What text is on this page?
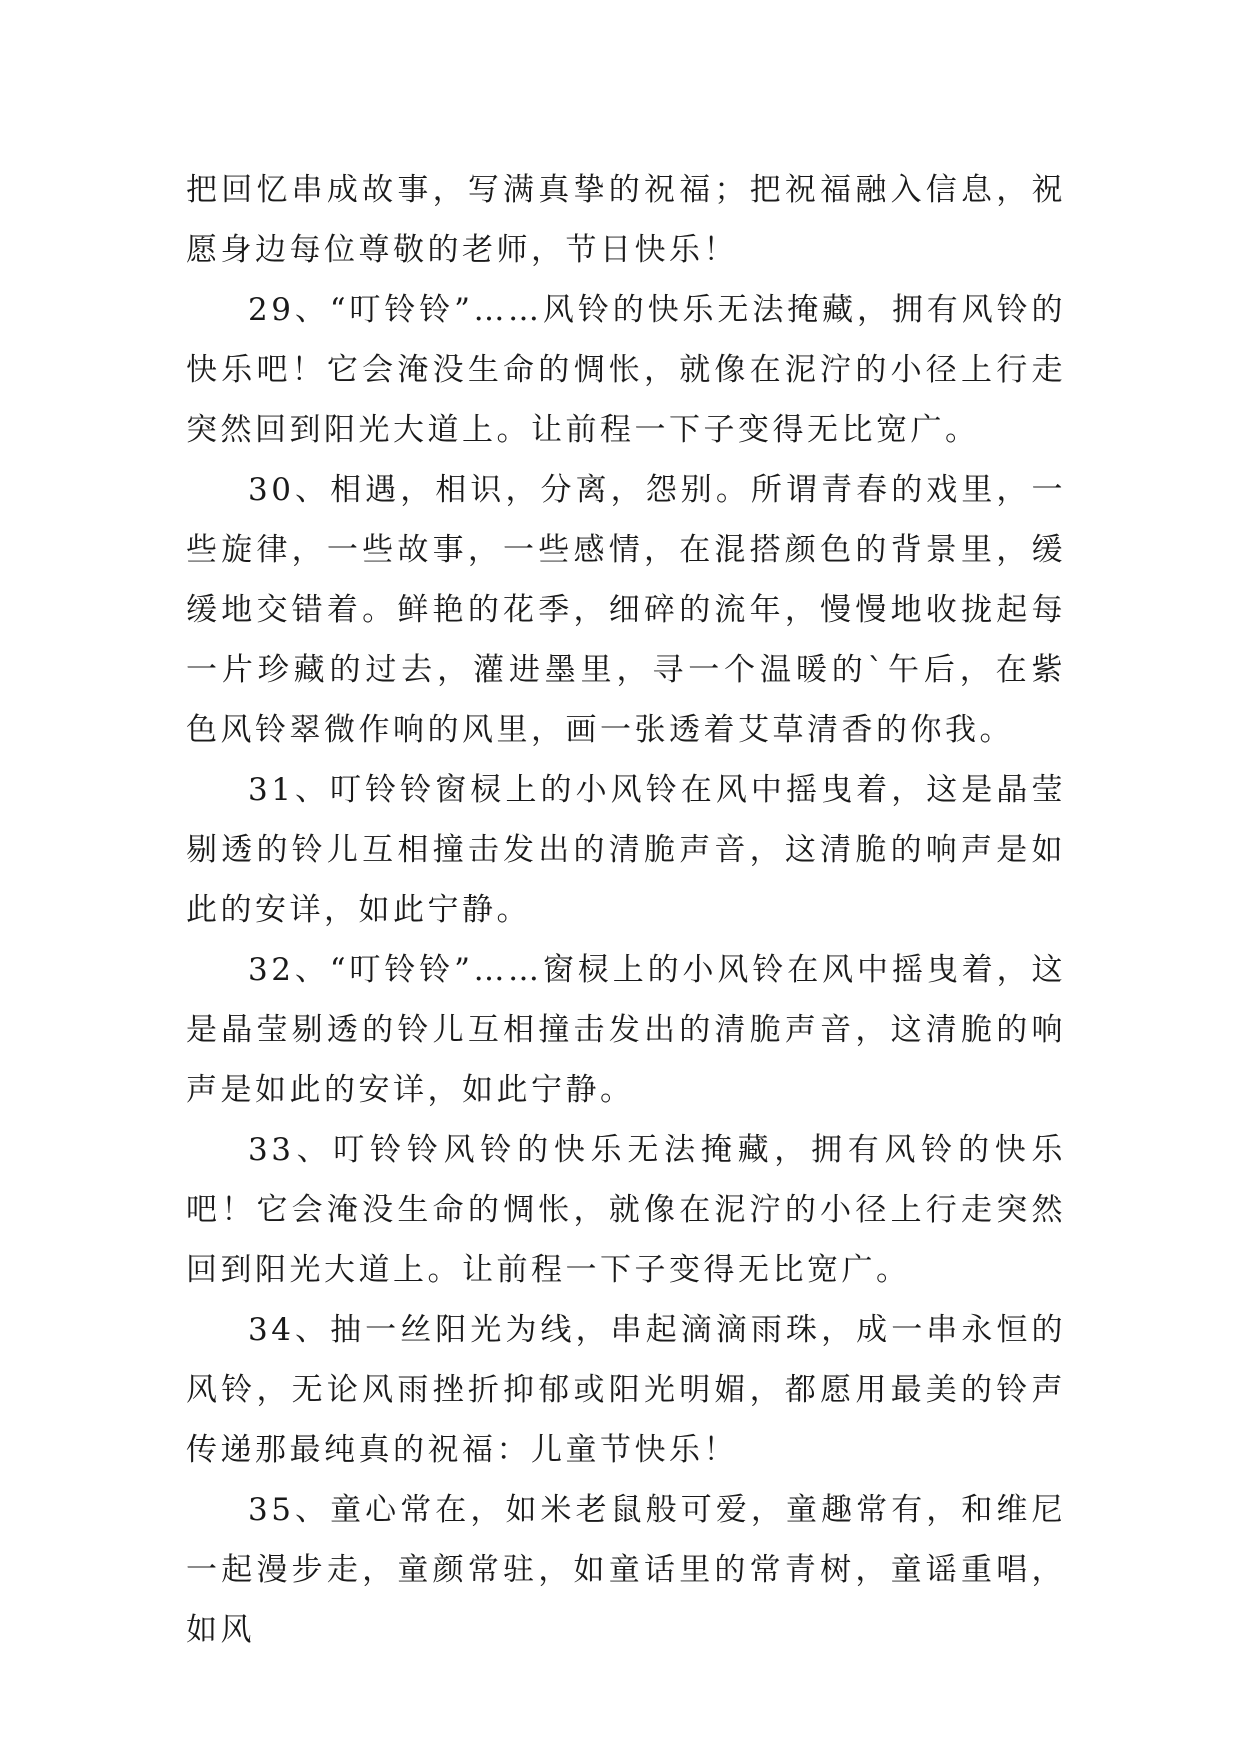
把回忆串成故事，写满真挚的祝福；把祝福融入信息，祝愿身边每位尊敬的老师，节日快乐！

29、“叮铃铃”……风铃的快乐无法掩藏，拥有风铃的快乐吧！它会淹没生命的惆怅，就像在泥泞的小径上行走突然回到阳光大道上。让前程一下子变得无比宽广。

30、相遇，相识，分离，怨别。所谓青春的戏里，一些旋律，一些故事，一些感情，在混搭颜色的背景里，缓缓地交错着。鲜艳的花季，细碎的流年，慢慢地收拢起每一片珍藏的过去，灌进墨里，寻一个温暖的`午后，在紫色风铃翠微作响的风里，画一张透着艾草清香的你我。

31、叮铃铃窗棂上的小风铃在风中摇曳着，这是晶莹剔透的铃儿互相撞击发出的清脆声音，这清脆的响声是如此的安详，如此宁静。

32、“叮铃铃”……窗棂上的小风铃在风中摇曳着，这是晶莹剔透的铃儿互相撞击发出的清脆声音，这清脆的响声是如此的安详，如此宁静。

33、叮铃铃风铃的快乐无法掩藏，拥有风铃的快乐吧！它会淹没生命的惆怅，就像在泥泞的小径上行走突然回到阳光大道上。让前程一下子变得无比宽广。

34、抽一丝阳光为线，串起滴滴雨珠，成一串永恒的风铃，无论风雨挫折抑郁或阳光明媚，都愿用最美的铃声传递那最纯真的祝福：儿童节快乐！

35、童心常在，如米老鼠般可爱，童趣常有，和维尼一起漫步走，童颜常驻，如童话里的常青树，童谣重唱，如风
